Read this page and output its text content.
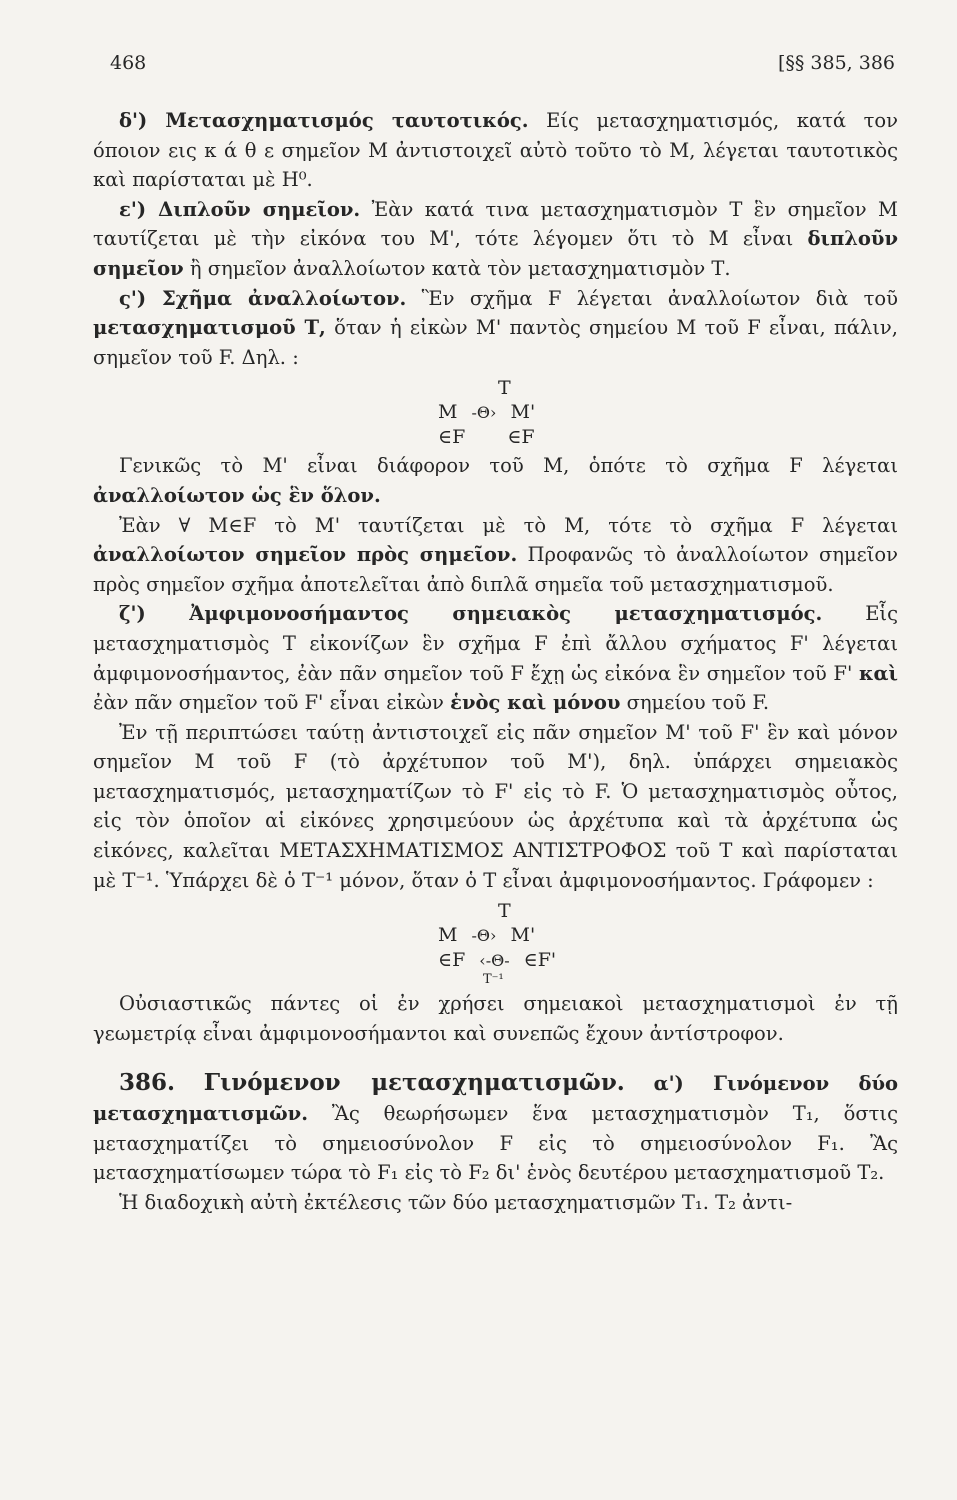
468	[§§ 385, 386

δ') Μετασχηματισμός ταυτοτικός. Είς μετασχηματισμός, κατά τον όποιον εις κ ά θ ε σημεῖον Μ ἀντιστοιχεῖ αὐτὸ τοῦτο τὸ Μ, λέγεται ταυτοτικὸς καὶ παρίσταται μὲ Η⁰.

ε') Διπλοῦν σημεῖον. Ἐὰν κατά τινα μετασχηματισμὸν Τ ἓν σημεῖον Μ ταυτίζεται μὲ τὴν εἰκόνα του Μ', τότε λέγομεν ὅτι τὸ Μ εἶναι διπλοῦν σημεῖον ἢ σημεῖον ἀναλλοίωτον κατὰ τὸν μετασχηματισμὸν Τ.

ς') Σχῆμα ἀναλλοίωτον. Ἓν σχῆμα F λέγεται ἀναλλοίωτον διὰ τοῦ μετασχηματισμοῦ Τ, ὅταν ἡ εἰκὼν Μ' παντὸς σημείου Μ τοῦ F εἶναι, πάλιν, σημεῖον τοῦ F. Δηλ. :

T
M -Θ› M'
∈F ∈F

Γενικῶς τὸ Μ' εἶναι διάφορον τοῦ Μ, ὁπότε τὸ σχῆμα F λέγεται ἀναλλοίωτον ὡς ἓν ὅλον.

Ἐὰν ∀ Μ∈F τὸ Μ' ταυτίζεται μὲ τὸ Μ, τότε τὸ σχῆμα F λέγεται ἀναλλοίωτον σημεῖον πρὸς σημεῖον. Προφανῶς τὸ ἀναλλοίωτον σημεῖον πρὸς σημεῖον σχῆμα ἀποτελεῖται ἀπὸ διπλᾶ σημεῖα τοῦ μετασχηματισμοῦ.

ζ') Ἀμφιμονοσήμαντος σημειακὸς μετασχηματισμός. Εἷς μετασχηματισμὸς Τ εἰκονίζων ἓν σχῆμα F ἐπὶ ἄλλου σχήματος F' λέγεται ἀμφιμονοσήμαντος, ἐὰν πᾶν σημεῖον τοῦ F ἔχῃ ὡς εἰκόνα ἓν σημεῖον τοῦ F' καὶ ἐὰν πᾶν σημεῖον τοῦ F' εἶναι εἰκὼν ἑνὸς καὶ μόνου σημείου τοῦ F.

Ἐν τῇ περιπτώσει ταύτῃ ἀντιστοιχεῖ εἰς πᾶν σημεῖον Μ' τοῦ F' ἓν καὶ μόνον σημεῖον Μ τοῦ F (τὸ ἀρχέτυπον τοῦ Μ'), δηλ. ὑπάρχει σημειακὸς μετασχηματισμός, μετασχηματίζων τὸ F' εἰς τὸ F. Ὁ μετασχηματισμὸς οὗτος, εἰς τὸν ὁποῖον αἱ εἰκόνες χρησιμεύουν ὡς ἀρχέτυπα καὶ τὰ ἀρχέτυπα ὡς εἰκόνες, καλεῖται ΜΕΤΑΣΧΗΜΑΤΙΣΜΟΣ ΑΝΤΙΣΤΡΟΦΟΣ τοῦ Τ καὶ παρίσταται μὲ Τ⁻¹. Ὑπάρχει δὲ ὁ Τ⁻¹ μόνον, ὅταν ὁ Τ εἶναι ἀμφιμονοσήμαντος. Γράφομεν :

T
M -Θ› M'
∈F ‹-Θ- ∈F'
T⁻¹

Οὐσιαστικῶς πάντες οἱ ἐν χρήσει σημειακοὶ μετασχηματισμοὶ ἐν τῇ γεωμετρίᾳ εἶναι ἀμφιμονοσήμαντοι καὶ συνεπῶς ἔχουν ἀντίστροφον.

386. Γινόμενον μετασχηματισμῶν. α') Γινόμενον δύο μετασχηματισμῶν. Ἂς θεωρήσωμεν ἕνα μετασχηματισμὸν Τ₁, ὅστις μετασχηματίζει τὸ σημειοσύνολον F εἰς τὸ σημειοσύνολον F₁. Ἂς μετασχηματίσωμεν τώρα τὸ F₁ εἰς τὸ F₂ δι' ἑνὸς δευτέρου μετασχηματισμοῦ Τ₂.

Ἡ διαδοχικὴ αὐτὴ ἐκτέλεσις τῶν δύο μετασχηματισμῶν Τ₁. Τ₂ ἀντι-
